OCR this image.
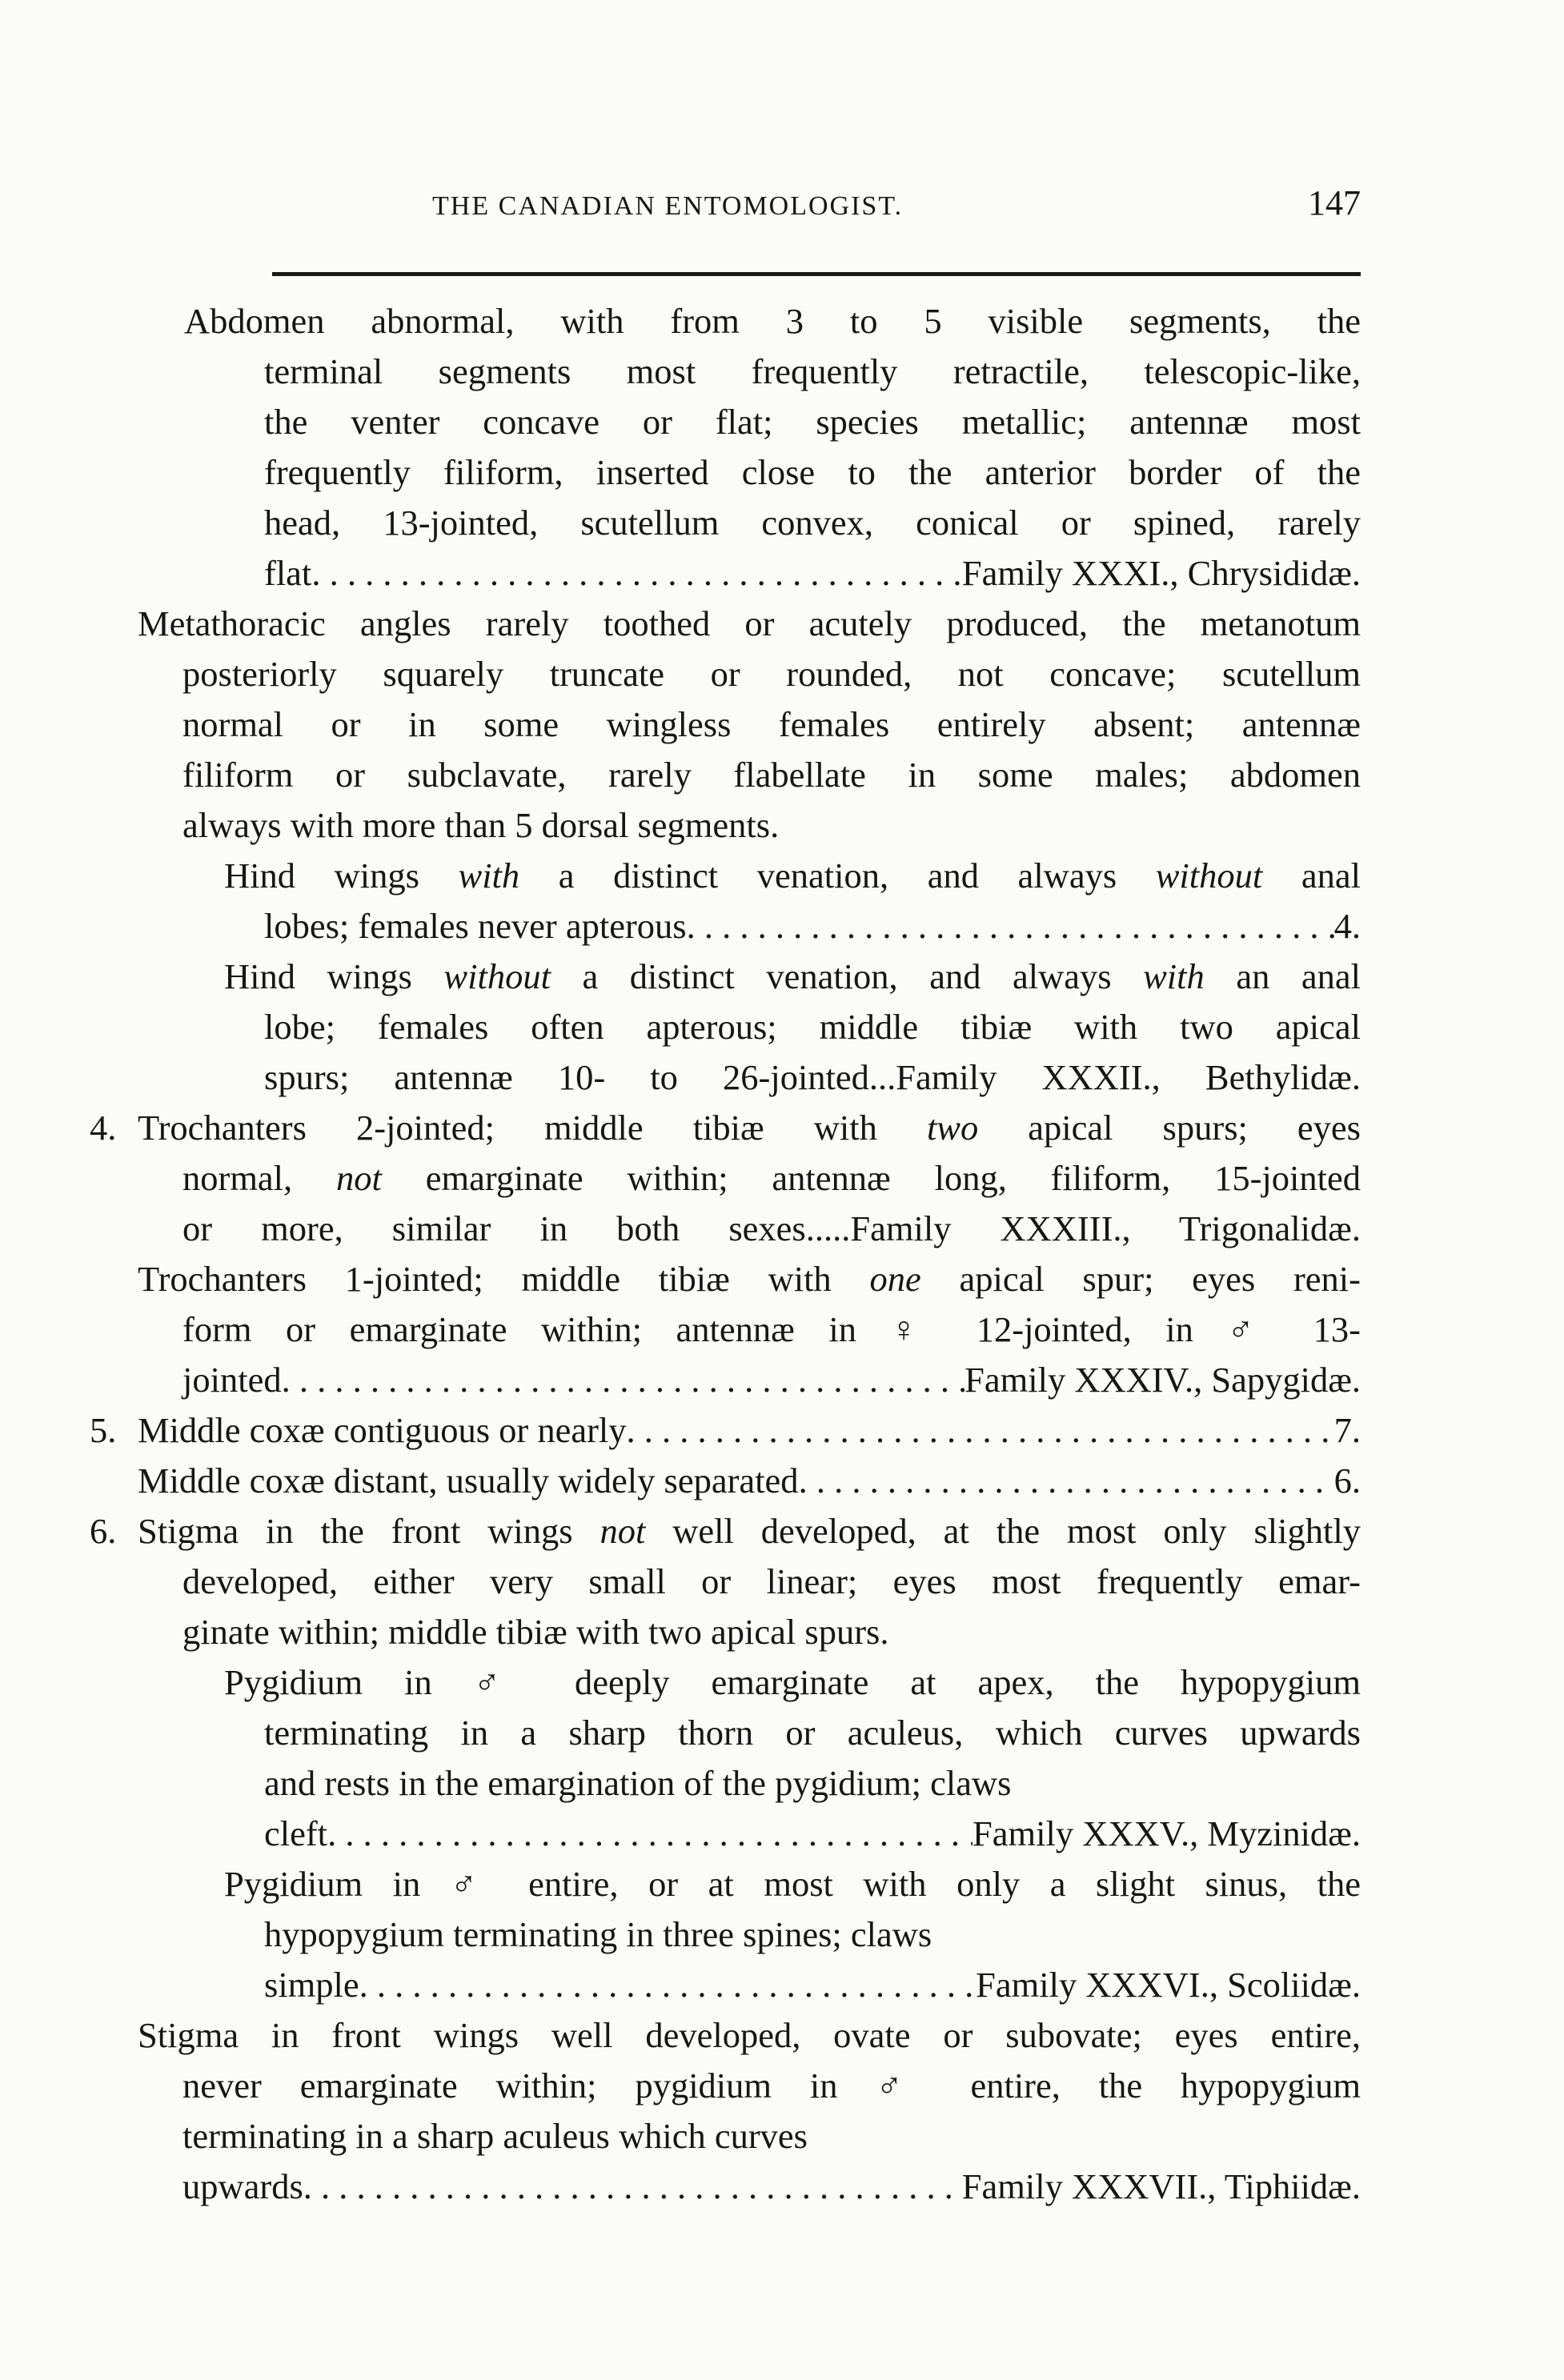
THE CANADIAN ENTOMOLOGIST.	147
Abdomen abnormal, with from 3 to 5 visible segments, the
terminal segments most frequently retractile, telescopic-like,
the venter concave or flat; species metallic; antennæ most
frequently filiform, inserted close to the anterior border of the
head, 13-jointed, scutellum convex, conical or spined, rarely
flat . . .	Family XXXI., Chrysididæ.
Metathoracic angles rarely toothed or acutely produced, the metanotum
posteriorly squarely truncate or rounded, not concave; scutellum
normal or in some wingless females entirely absent; antennæ
filiform or subclavate, rarely flabellate in some males; abdomen
always with more than 5 dorsal segments.
Hind wings with a distinct venation, and always without anal
lobes; females never apterous . . .	4.
Hind wings without a distinct venation, and always with an anal
lobe; females often apterous; middle tibiæ with two apical
spurs; antennæ 10- to 26-jointed...Family XXXII., Bethylidæ.
4. Trochanters 2-jointed; middle tibiæ with two apical spurs; eyes
normal, not emarginate within; antennæ long, filiform, 15-jointed
or more, similar in both sexes.....Family XXXIII., Trigonalidæ.
Trochanters 1-jointed; middle tibiæ with one apical spur; eyes reni-
form or emarginate within; antennæ in ♀ 12-jointed, in ♂ 13-
jointed . . .	Family XXXIV., Sapygidæ.
5. Middle coxæ contiguous or nearly . . .	7.
Middle coxæ distant, usually widely separated . . .	6.
6. Stigma in the front wings not well developed, at the most only slightly
developed, either very small or linear; eyes most frequently emar-
ginate within; middle tibiæ with two apical spurs.
Pygidium in ♂ deeply emarginate at apex, the hypopygium
terminating in a sharp thorn or aculeus, which curves upwards
and rests in the emargination of the pygidium; claws
cleft . . .	Family XXXV., Myzinidæ.
Pygidium in ♂ entire, or at most with only a slight sinus, the
hypopygium terminating in three spines; claws
simple . . .	Family XXXVI., Scoliidæ.
Stigma in front wings well developed, ovate or subovate; eyes entire,
never emarginate within; pygidium in ♂ entire, the hypopygium
terminating in a sharp aculeus which curves
upwards . . .	Family XXXVII., Tiphiidæ.
